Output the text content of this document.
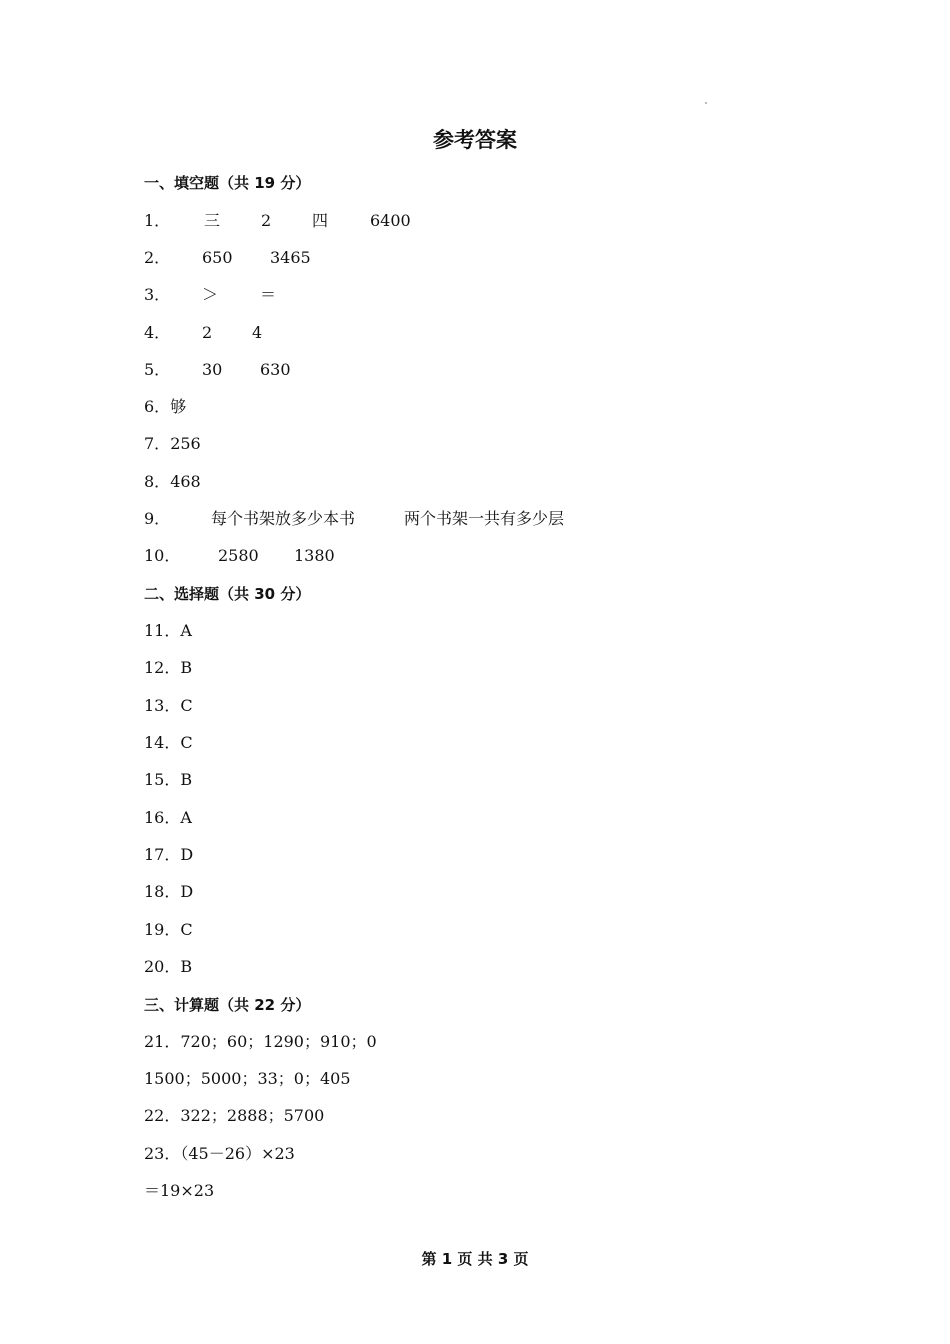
参考答案
一、填空题（共 19 分）
1． 三	2	四	6400
2． 650 3465
3． ＞	＝
4． 2 4
5． 30 630
6．够
7．256
8．468
9．	每个书架放多少本书	两个书架一共有多少层
10． 2580 1380
二、选择题（共 30 分）
11．A
12．B
13．C
14．C
15．B
16．A
17．D
18．D
19．C
20．B
三、计算题（共 22 分）
21．720；60；1290；910；0
1500；5000；33；0；405
22．322；2888；5700
23．（45－26）×23
＝19×23
第 1 页 共 3 页
